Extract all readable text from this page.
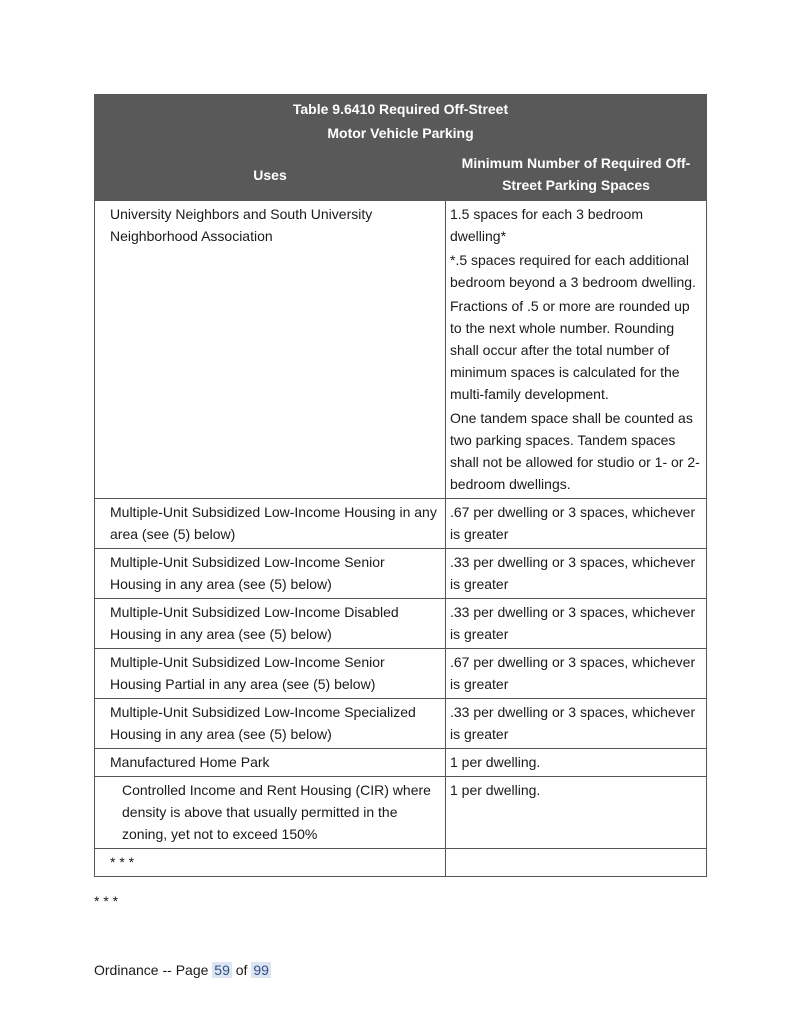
Table 9.6410 Required Off-Street
Motor Vehicle Parking	

Uses	Minimum Number of Required Off-Street Parking Spaces
University Neighbors and South University Neighborhood Association	1.5 spaces for each 3 bedroom dwelling*

*.5 spaces required for each additional bedroom beyond a 3 bedroom dwelling.

Fractions of .5 or more are rounded up to the next whole number. Rounding shall occur after the total number of minimum spaces is calculated for the multi-family development.

One tandem space shall be counted as two parking spaces. Tandem spaces shall not be allowed for studio or 1- or 2-bedroom dwellings.

Multiple-Unit Subsidized Low-Income Housing in any area (see (5) below)	.67 per dwelling or 3 spaces, whichever is greater
Multiple-Unit Subsidized Low-Income Senior Housing in any area (see (5) below)	.33 per dwelling or 3 spaces, whichever is greater
Multiple-Unit Subsidized Low-Income Disabled Housing in any area (see (5) below)	.33 per dwelling or 3 spaces, whichever is greater
Multiple-Unit Subsidized Low-Income Senior Housing Partial in any area (see (5) below)	.67 per dwelling or 3 spaces, whichever is greater
Multiple-Unit Subsidized Low-Income Specialized Housing in any area (see (5) below)	.33 per dwelling or 3 spaces, whichever is greater
Manufactured Home Park	1 per dwelling.
Controlled Income and Rent Housing (CIR) where density is above that usually permitted in the zoning, yet not to exceed 150%	1 per dwelling.
* * *	
* * *
Ordinance -- Page 59 of 99
